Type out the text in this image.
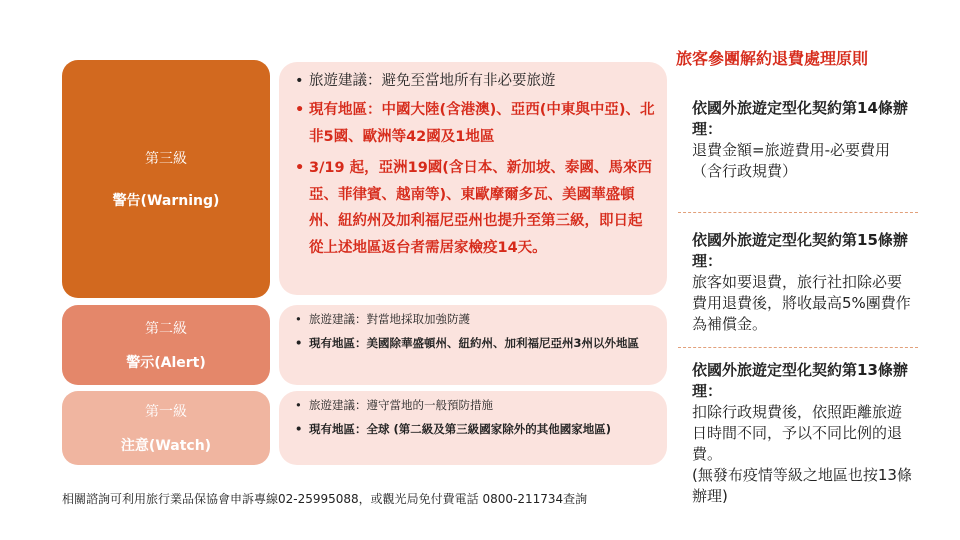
第三級
警告(Warning)
第二級
警示(Alert)
第一級
注意(Watch)
• 旅遊建議：避免至當地所有非必要旅遊
• 現有地區：中國大陸(含港澳)、亞西(中東與中亞)、北非5國、歐洲等42國及1地區
• 3/19 起，亞洲19國(含日本、新加坡、泰國、馬來西亞、菲律賓、越南等)、東歐摩爾多瓦、美國華盛頓州、紐約州及加利福尼亞州也提升至第三級，即日起從上述地區返台者需居家檢疫14天。
• 旅遊建議：對當地採取加強防護
• 現有地區：美國除華盛頓州、紐約州、加利福尼亞州3州以外地區
• 旅遊建議：遵守當地的一般預防措施
• 現有地區：全球 (第二級及第三級國家除外的其他國家地區)
旅客參團解約退費處理原則
依國外旅遊定型化契約第14條辦理：
退費金額=旅遊費用-必要費用（含行政規費）
依國外旅遊定型化契約第15條辦理：
旅客如要退費，旅行社扣除必要費用退費後，將收最高5%團費作為補償金。
依國外旅遊定型化契約第13條辦理：
扣除行政規費後，依照距離旅遊日時間不同，予以不同比例的退費。
(無發布疫情等級之地區也按13條辦理)
相關諮詢可利用旅行業品保協會申訴專線02-25995088，或觀光局免付費電話 0800-211734查詢
